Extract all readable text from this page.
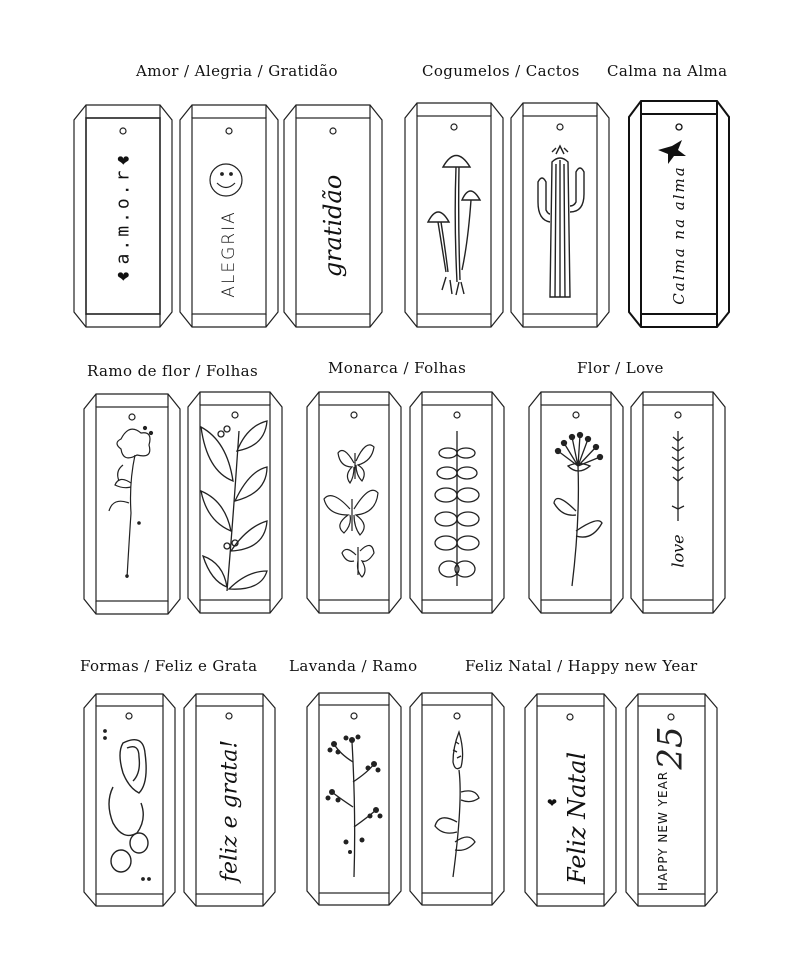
Amor / Alegria / Gratidão	Cogumelos / Cactos Calma na Alma
Ramo de flor / Folhas	Monarca / Folhas	Flor / Love
Formas / Feliz e Grata Lavanda / Ramo	Feliz Natal / Happy new Year
❤
❤
a.m.o.r	ALEGRIA	gratidão	Calma na alma
love
feliz e grata!	❤ Feliz Natal
25
HAPPY NEW YEAR
